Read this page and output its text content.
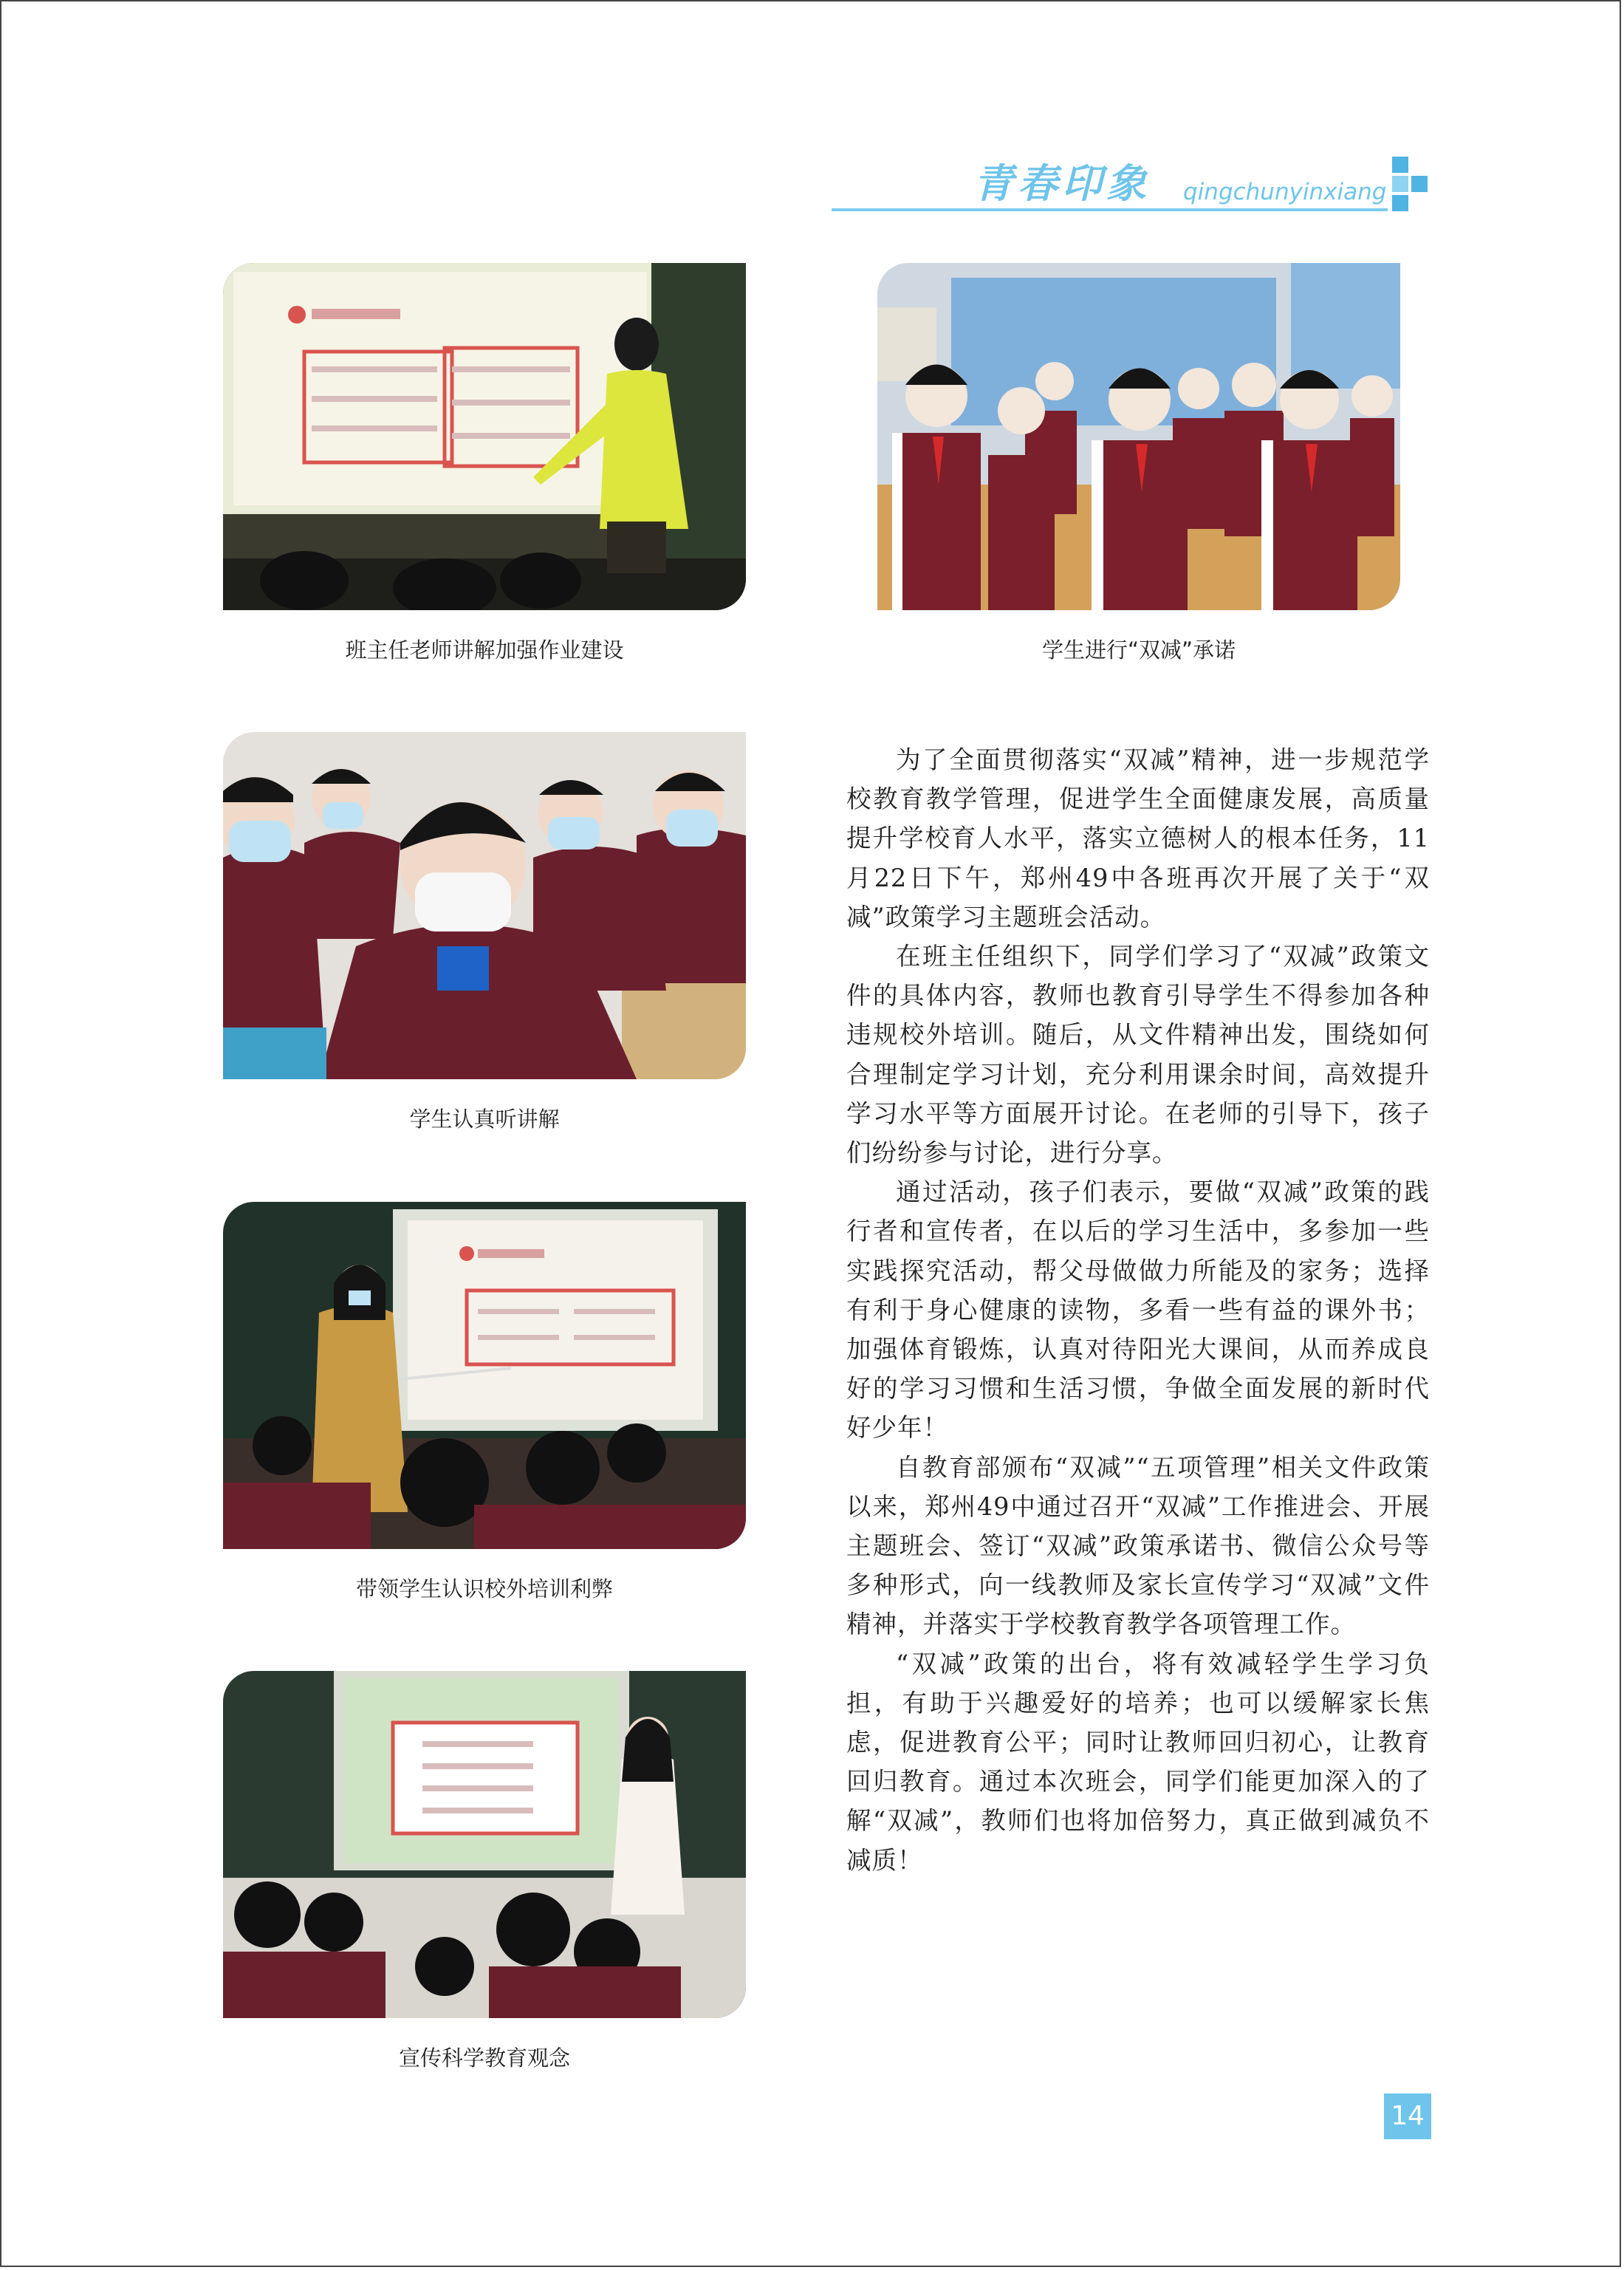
青春印象	qingchunyinxiang
班主任老师讲解加强作业建设	学生进行“双减”承诺
学生认真听讲解
带领学生认识校外培训利弊
宣传科学教育观念

为了全面贯彻落实“双减”精神，进一步规范学校教育教学管理，促进学生全面健康发展，高质量提升学校育人水平，落实立德树人的根本任务，11月22日下午，郑州49中各班再次开展了关于“双减”政策学习主题班会活动。

在班主任组织下，同学们学习了“双减”政策文件的具体内容，教师也教育引导学生不得参加各种违规校外培训。随后，从文件精神出发，围绕如何合理制定学习计划，充分利用课余时间，高效提升学习水平等方面展开讨论。在老师的引导下，孩子们纷纷参与讨论，进行分享。

通过活动，孩子们表示，要做“双减”政策的践行者和宣传者，在以后的学习生活中，多参加一些实践探究活动，帮父母做做力所能及的家务；选择有利于身心健康的读物，多看一些有益的课外书；加强体育锻炼，认真对待阳光大课间，从而养成良好的学习习惯和生活习惯，争做全面发展的新时代好少年！

自教育部颁布“双减”“五项管理”相关文件政策以来，郑州49中通过召开“双减”工作推进会、开展主题班会、签订“双减”政策承诺书、微信公众号等多种形式，向一线教师及家长宣传学习“双减”文件精神，并落实于学校教育教学各项管理工作。

“双减”政策的出台，将有效减轻学生学习负担，有助于兴趣爱好的培养；也可以缓解家长焦虑，促进教育公平；同时让教师回归初心，让教育回归教育。通过本次班会，同学们能更加深入的了解“双减”，教师们也将加倍努力，真正做到减负不减质！

14
